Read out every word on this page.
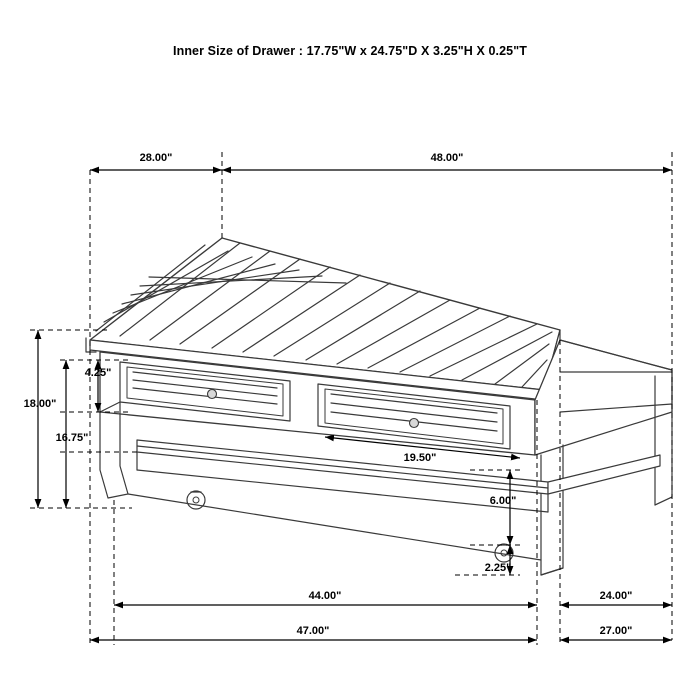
Inner Size of Drawer : 17.75"W x 24.75"D X 3.25"H X 0.25"T
28.00"	48.00"
18.00"
4.25"
16.75"
19.50"
6.00"
2.25"
44.00"	24.00"
47.00"	27.00"
